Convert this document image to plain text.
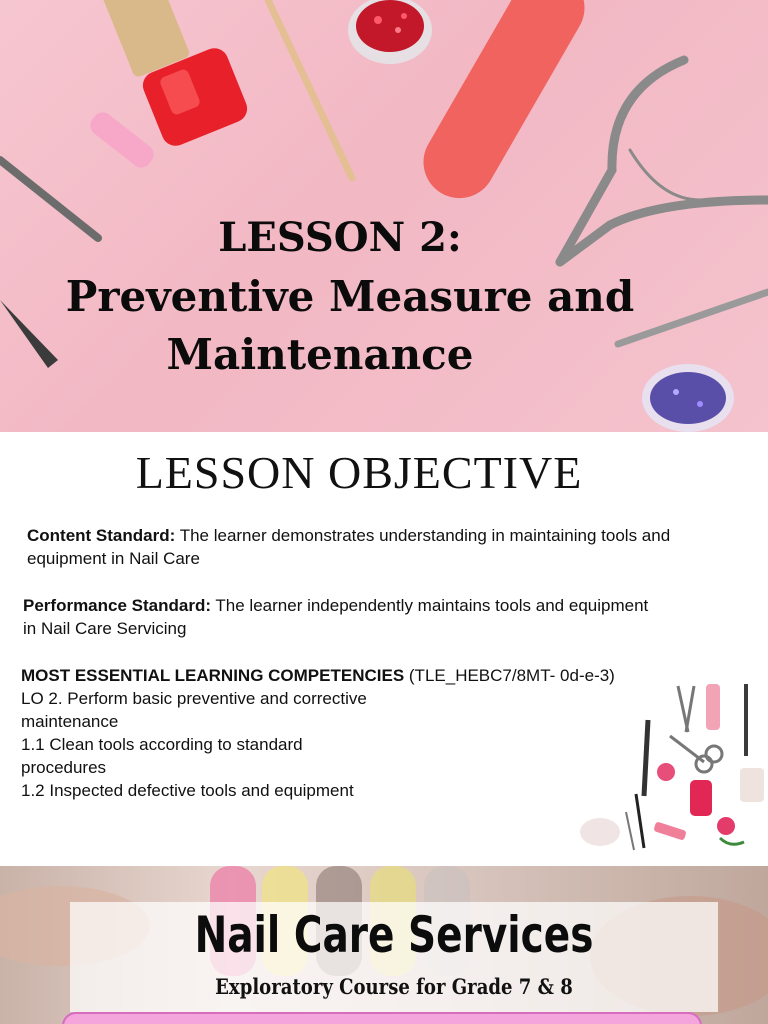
LESSON 2:
Preventive Measure and
Maintenance
LESSON OBJECTIVE
Content Standard: The learner demonstrates understanding in maintaining tools and equipment in Nail Care
Performance Standard: The learner independently maintains tools and equipment in Nail Care Servicing
MOST ESSENTIAL LEARNING COMPETENCIES (TLE_HEBC7/8MT- 0d-e-3)
LO 2. Perform basic preventive and corrective
maintenance
1.1 Clean tools according to standard
procedures
1.2 Inspected defective tools and equipment
Nail Care Services
Exploratory Course for Grade 7 & 8
